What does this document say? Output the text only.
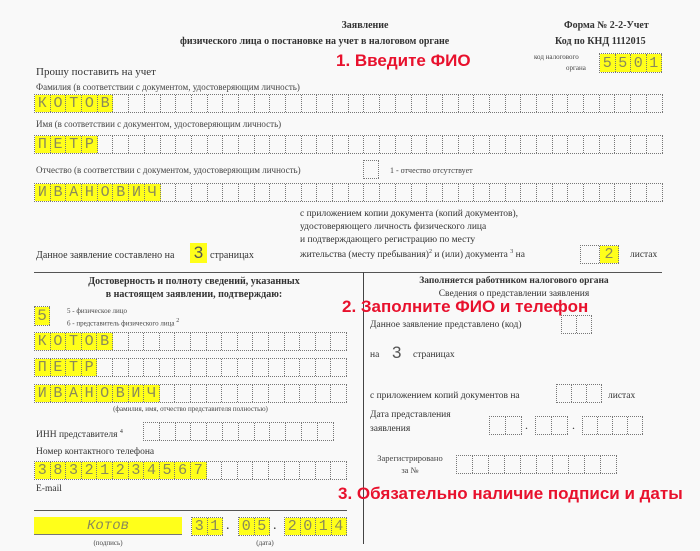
Заявление
физического лица о постановке на учет в налоговом органе
Форма № 2-2-Учет
Код по КНД 1112015
код налогового
органа 5 5 0 1
1. Введите ФИО
Прошу поставить на учет
Фамилия (в соответствии с документом, удостоверяющим личность)
К О Т О В
Имя (в соответствии с документом, удостоверяющим личность)
П Е Т Р
Отчество (в соответствии с документом, удостоверяющим личность)	1 - отчество отсутствует
И В А Н О В И Ч
с приложением копии документа (копий документов),
удостоверяющего личность физического лица
и подтверждающего регистрацию по месту
жительства (месту пребывания)$^2$ и (или) документа $^3$ на	2	листах
Данное заявление составлено на 3 страницах
Достоверность и полноту сведений, указанных
в настоящем заявлении, подтверждаю:
5	5 - физическое лицо
6 - представитель физического лица $^2$
К О Т О В
П Е Т Р
И В А Н О В И Ч
(фамилия, имя, отчество представителя полностью)
ИНН представителя $^4$
Номер контактного телефона
3 8 3 2 1 2 3 4 5 6 7
E-mail
Котов
(подпись)
3 1 . 0 5 . 2 0 1 4
(дата)
Заполняется работником налогового органа
Сведения о представлении заявления
2. Заполните ФИО и телефон
Данное заявление представлено (код)
на 3 страницах
с приложением копий документов на	листах
Дата представления
заявления	.	.
Зарегистрировано
за №
3. Обязательно наличие подписи и даты
